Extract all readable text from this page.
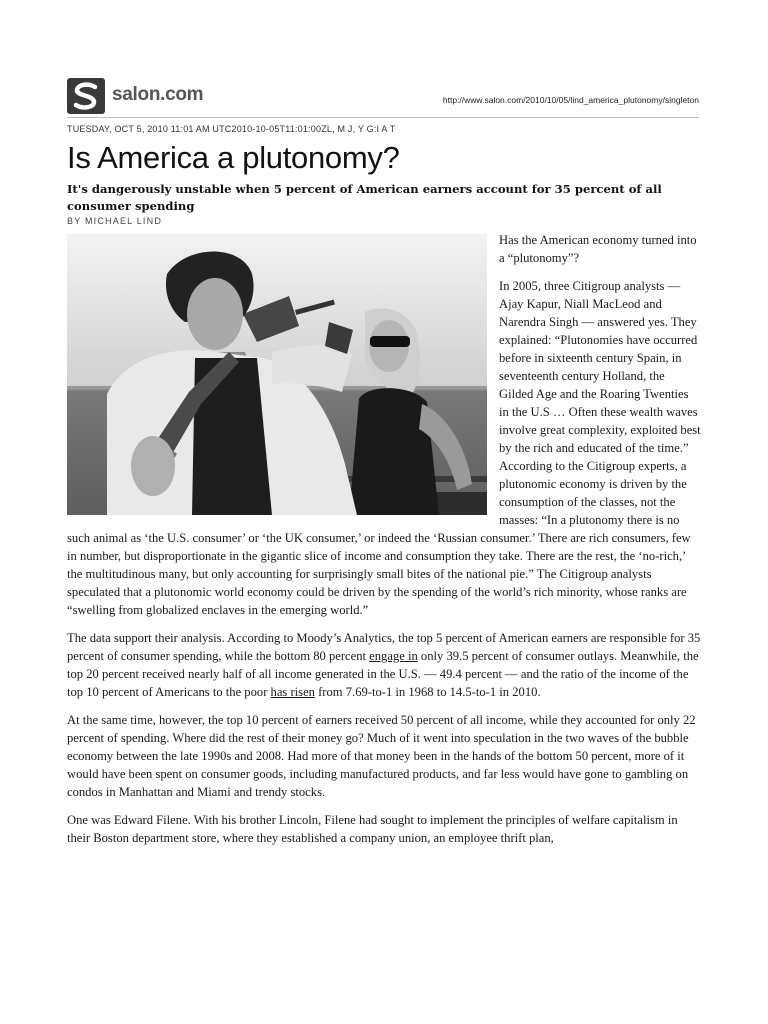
salon.com	http://www.salon.com/2010/10/05/lind_america_plutonomy/singleton
TUESDAY, OCT 5, 2010 11:01 AM UTC2010-10-05T11:01:00ZL, M J, Y G:I A T
Is America a plutonomy?

It's dangerously unstable when 5 percent of American earners account for 35 percent of all consumer spending

BY MICHAEL LIND

Has the American economy turned into a “plutonomy”?

In 2005, three Citigroup analysts — Ajay Kapur, Niall MacLeod and Narendra Singh — answered yes. They explained: “Plutonomies have occurred before in sixteenth century Spain, in seventeenth century Holland, the Gilded Age and the Roaring Twenties in the U.S … Often these wealth waves involve great complexity, exploited best by the rich and educated of the time.” According to the Citigroup experts, a plutonomic economy is driven by the consumption of the classes, not the masses: “In a plutonomy there is no such animal as ‘the U.S. consumer’ or ‘the UK consumer,’ or indeed the ‘Russian consumer.’ There are rich consumers, few in number, but disproportionate in the gigantic slice of income and consumption they take. There are the rest, the ‘no-rich,’ the multitudinous many, but only accounting for surprisingly small bites of the national pie.” The Citigroup analysts speculated that a plutonomic world economy could be driven by the spending of the world’s rich minority, whose ranks are “swelling from globalized enclaves in the emerging world.”

The data support their analysis. According to Moody’s Analytics, the top 5 percent of American earners are responsible for 35 percent of consumer spending, while the bottom 80 percent engage in only 39.5 percent of consumer outlays. Meanwhile, the top 20 percent received nearly half of all income generated in the U.S. — 49.4 percent — and the ratio of the income of the top 10 percent of Americans to the poor has risen from 7.69-to-1 in 1968 to 14.5-to-1 in 2010.

At the same time, however, the top 10 percent of earners received 50 percent of all income, while they accounted for only 22 percent of spending. Where did the rest of their money go? Much of it went into speculation in the two waves of the bubble economy between the late 1990s and 2008. Had more of that money been in the hands of the bottom 50 percent, more of it would have been spent on consumer goods, including manufactured products, and far less would have gone to gambling on condos in Manhattan and Miami and trendy stocks.

One was Edward Filene. With his brother Lincoln, Filene had sought to implement the principles of welfare capitalism in their Boston department store, where they established a company union, an employee thrift plan,
